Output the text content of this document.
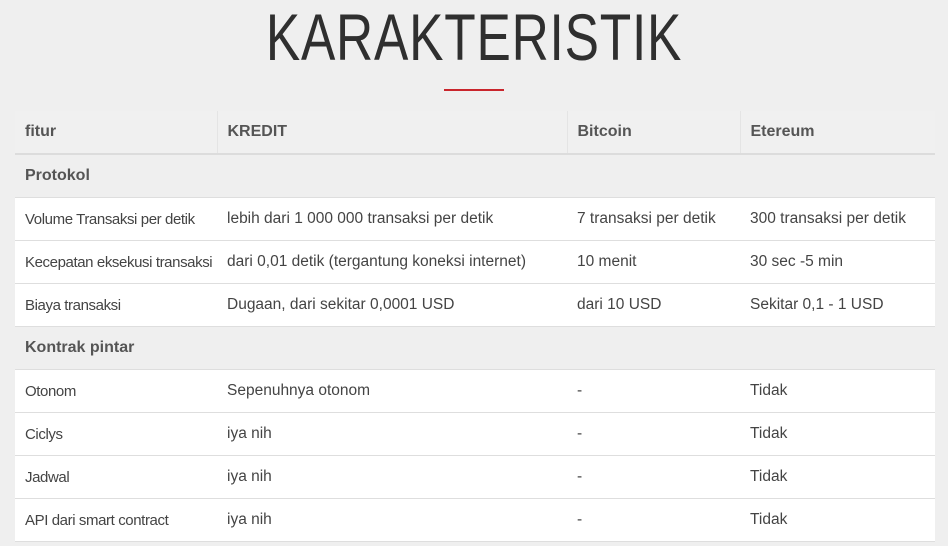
KARAKTERISTIK
fitur	KREDIT	Bitcoin	Etereum
Protokol			
Volume Transaksi per detik	lebih dari 1 000 000 transaksi per detik	7 transaksi per detik	300 transaksi per detik
Kecepatan eksekusi transaksi	dari 0,01 detik (tergantung koneksi internet)	10 menit	30 sec -5 min
Biaya transaksi	Dugaan, dari sekitar 0,0001 USD	dari 10 USD	Sekitar 0,1 - 1 USD
Kontrak pintar			
Otonom	Sepenuhnya otonom	-	Tidak
Ciclys	iya nih	-	Tidak
Jadwal	iya nih	-	Tidak
API dari smart contract	iya nih	-	Tidak
